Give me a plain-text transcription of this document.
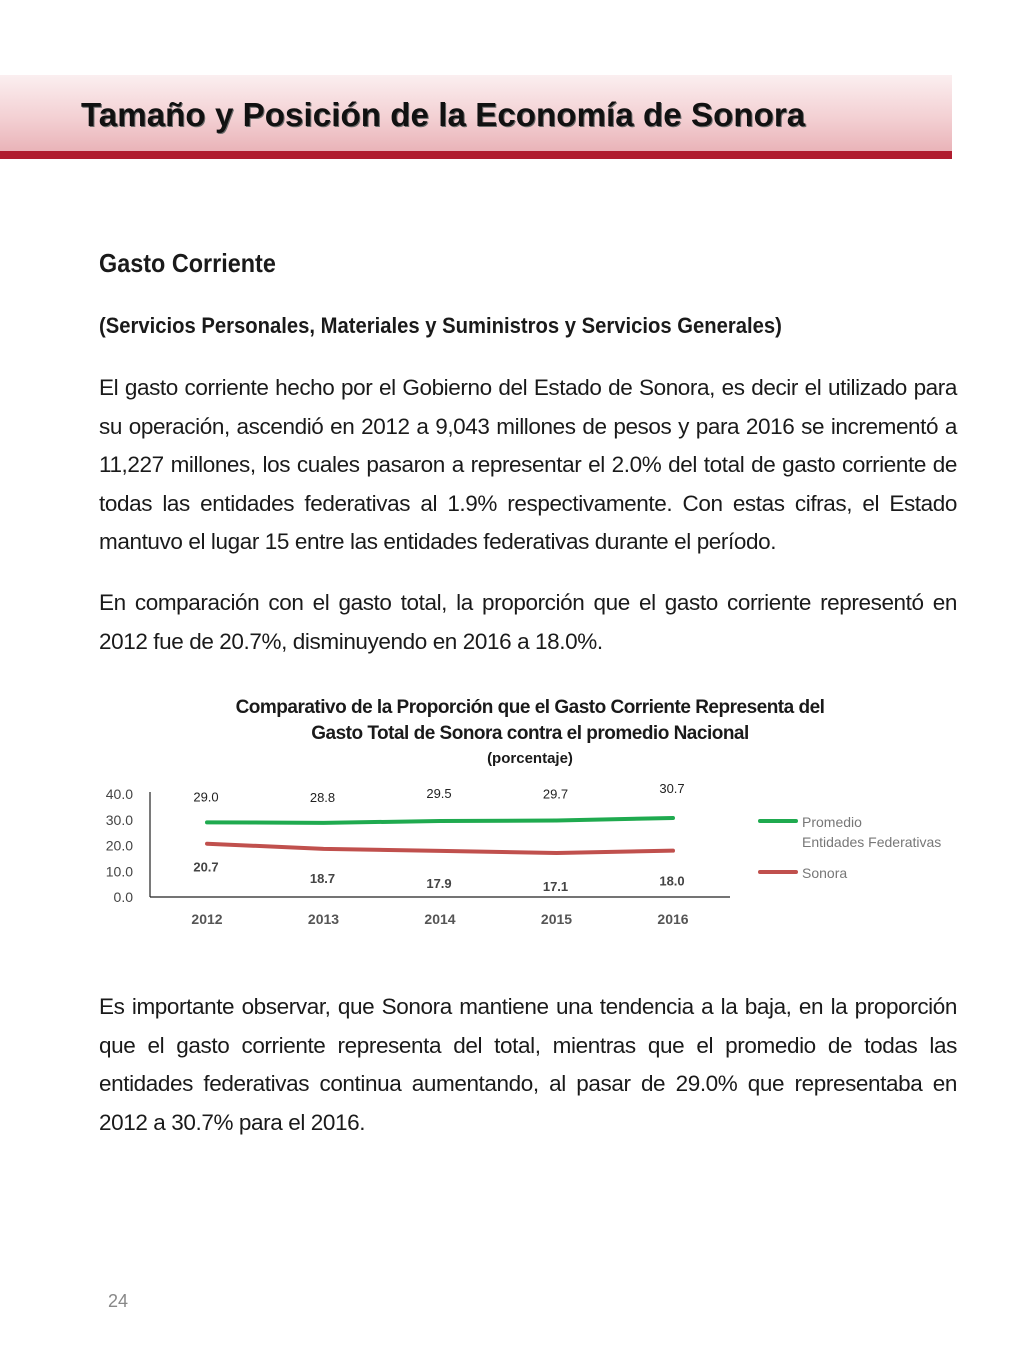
Tamaño y Posición de la Economía de Sonora
Gasto Corriente
(Servicios Personales, Materiales y Suministros y Servicios Generales)

El gasto corriente hecho por el Gobierno del Estado de Sonora, es decir el utilizado para su operación, ascendió en 2012 a 9,043 millones de pesos y para 2016 se incrementó a 11,227 millones, los cuales pasaron a representar el 2.0% del total de gasto corriente de todas las entidades federativas al 1.9% respectivamente. Con estas cifras, el Estado mantuvo el lugar 15 entre las entidades federativas durante el período.

En comparación con el gasto total, la proporción que el gasto corriente representó en 2012 fue de 20.7%, disminuyendo en 2016 a 18.0%.

Comparativo de la Proporción que el Gasto Corriente Representa del
Gasto Total de Sonora contra el promedio Nacional
(porcentaje)
40.0
30.0
20.0
10.0
0.0
2012	2013	2014	2015	2016
29.0	28.8	29.5	29.7	30.7
20.7
18.7	17.9	17.1	18.0
Promedio
Entidades Federativas
Sonora

Es importante observar, que Sonora mantiene una tendencia a la baja, en la proporción que el gasto corriente representa del total, mientras que el promedio de todas las entidades federativas continua aumentando, al pasar de 29.0% que representaba en 2012 a 30.7% para el 2016.

24
